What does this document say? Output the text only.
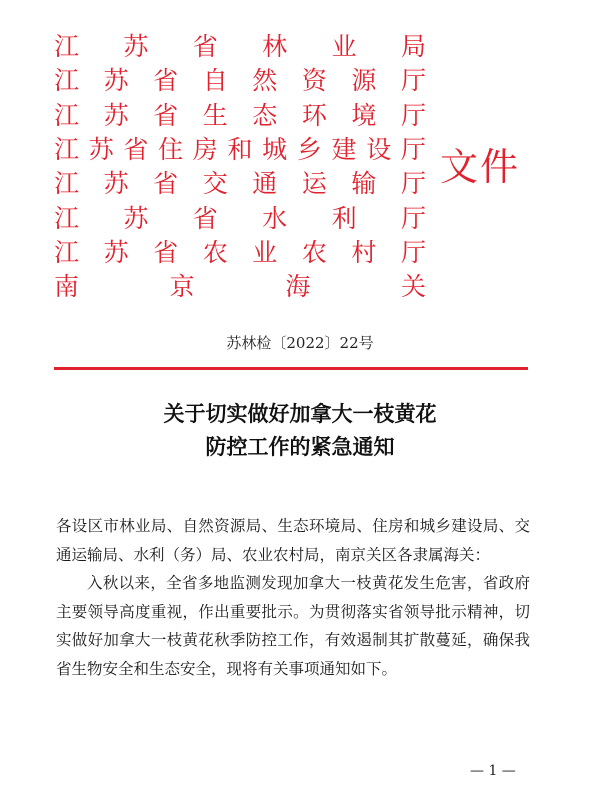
江 苏 省 林 业 局
江 苏 省 自 然 资 源 厅
江 苏 省 生 态 环 境 厅
江 苏 省 住 房 和 城 乡 建 设 厅
江 苏 省 交 通 运 输 厅
江 苏 省 水 利 厅
江 苏 省 农 业 农 村 厅
南	京	海	关
文件
苏林检〔2022〕22号
关于切实做好加拿大一枝黄花
防控工作的紧急通知

各设区市林业局、自然资源局、生态环境局、住房和城乡建设局、交通运输局、水利（务）局、农业农村局，南京关区各隶属海关：

入秋以来，全省多地监测发现加拿大一枝黄花发生危害，省政府主要领导高度重视，作出重要批示。为贯彻落实省领导批示精神，切实做好加拿大一枝黄花秋季防控工作，有效遏制其扩散蔓延，确保我省生物安全和生态安全，现将有关事项通知如下。

— 1 —
